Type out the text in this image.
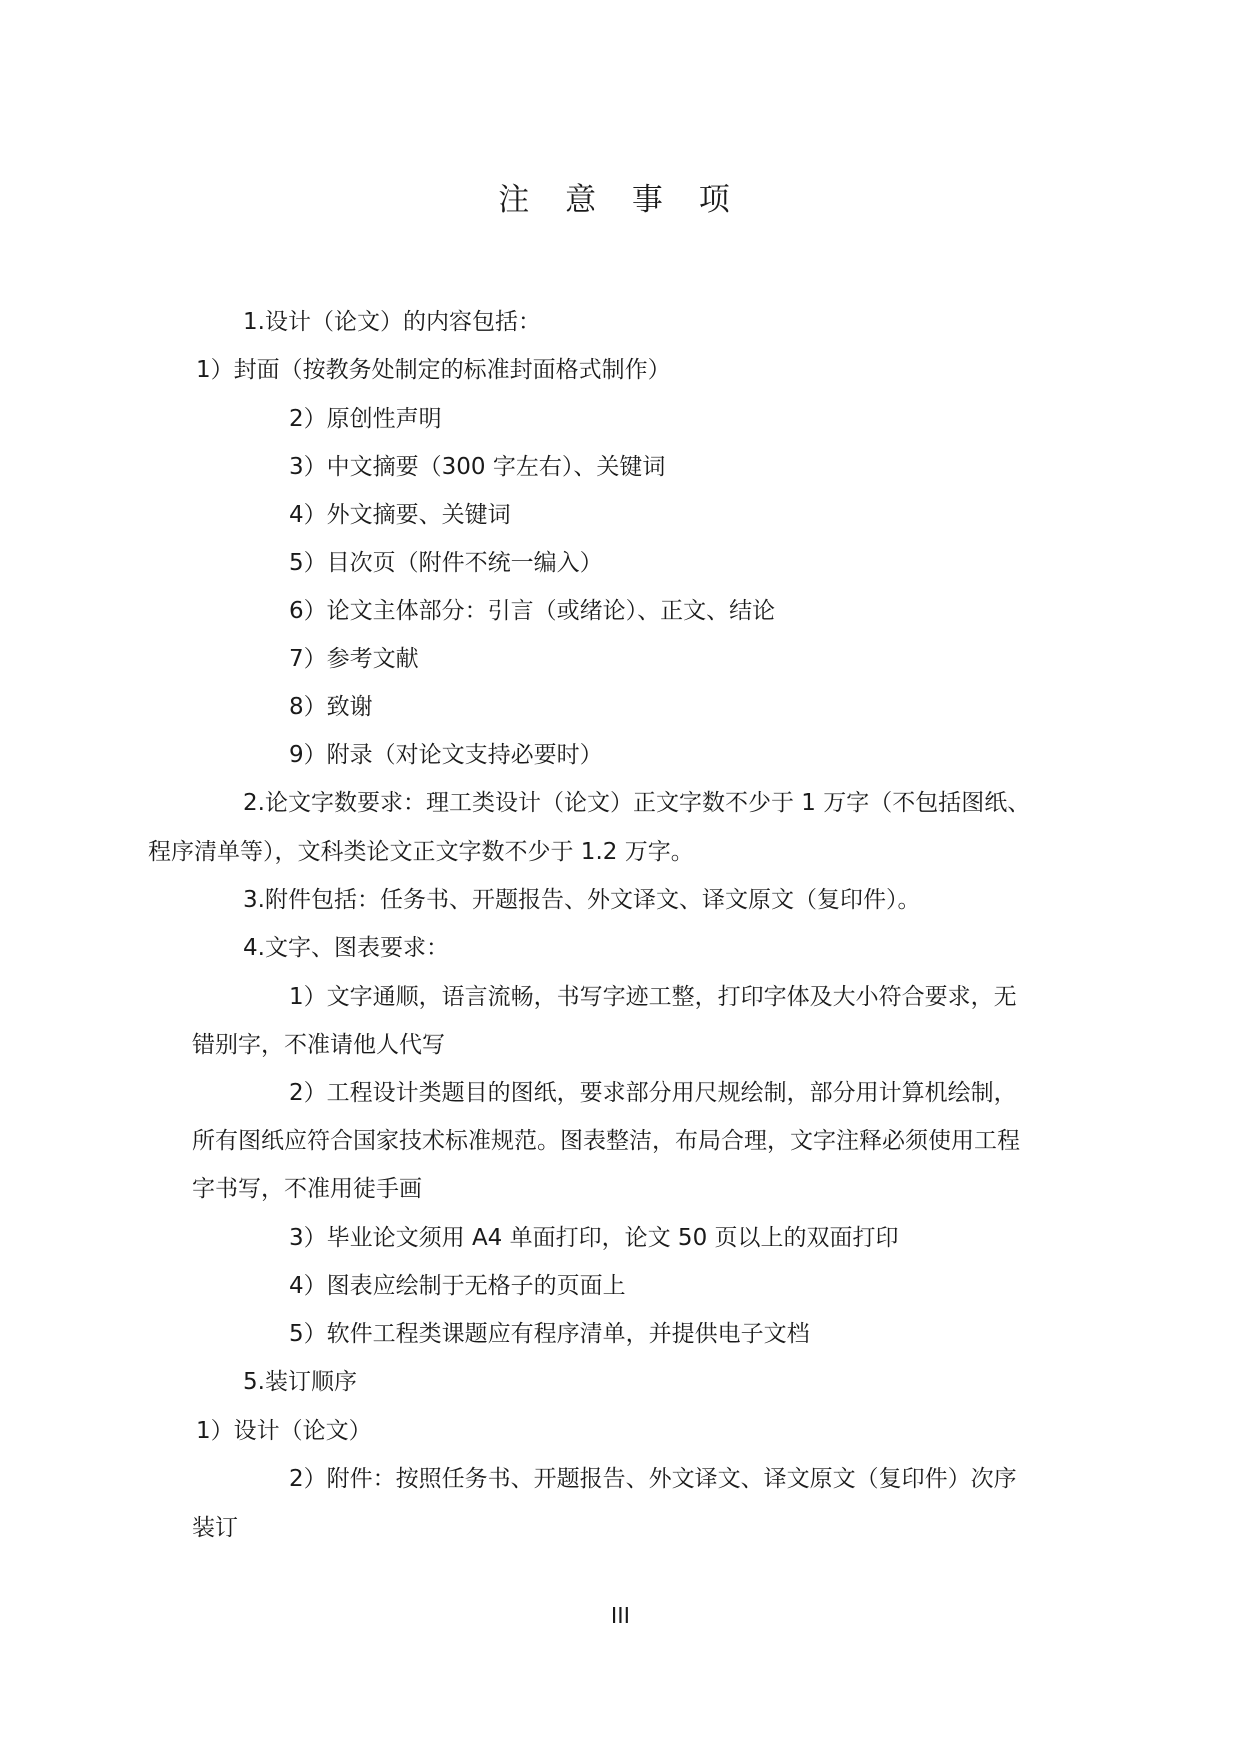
注 意 事 项
1.设计（论文）的内容包括：
1）封面（按教务处制定的标准封面格式制作）
2）原创性声明
3）中文摘要（300 字左右）、关键词
4）外文摘要、关键词
5）目次页（附件不统一编入）
6）论文主体部分：引言（或绪论）、正文、结论
7）参考文献
8）致谢
9）附录（对论文支持必要时）
2.论文字数要求：理工类设计（论文）正文字数不少于 1 万字（不包括图纸、
程序清单等），文科类论文正文字数不少于 1.2 万字。
3.附件包括：任务书、开题报告、外文译文、译文原文（复印件）。
4.文字、图表要求：
1）文字通顺，语言流畅，书写字迹工整，打印字体及大小符合要求，无
错别字，不准请他人代写
2）工程设计类题目的图纸，要求部分用尺规绘制，部分用计算机绘制，
所有图纸应符合国家技术标准规范。图表整洁，布局合理，文字注释必须使用工程
字书写，不准用徒手画
3）毕业论文须用 A4 单面打印，论文 50 页以上的双面打印
4）图表应绘制于无格子的页面上
5）软件工程类课题应有程序清单，并提供电子文档
5.装订顺序
1）设计（论文）
2）附件：按照任务书、开题报告、外文译文、译文原文（复印件）次序
装订
III
